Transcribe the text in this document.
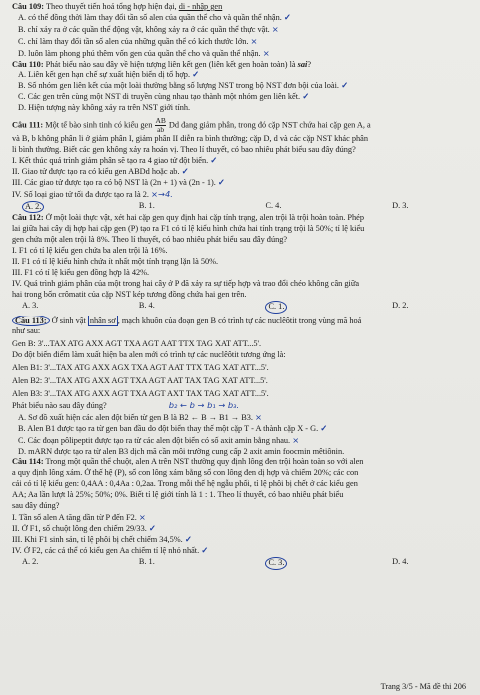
Câu 109: Theo thuyết tiến hoá tổng hợp hiện đại, di - nhập gen
A. có thể đồng thời làm thay đổi tần số alen của quần thể cho và quần thể nhận. ✓
B. chỉ xảy ra ở các quần thể động vật, không xảy ra ở các quần thể thực vật. ×
C. chỉ làm thay đổi tần số alen của những quần thể có kích thước lớn. ×
D. luôn làm phong phú thêm vốn gen của quần thể cho và quần thể nhận. ×
Câu 110: Phát biểu nào sau đây về hiện tượng liên kết gen (liên kết gen hoàn toàn) là sai?
A. Liên kết gen hạn chế sự xuất hiện biến dị tổ hợp. ✓
B. Số nhóm gen liên kết của một loài thường bằng số lượng NST trong bộ NST đơn bội của loài. ✓
C. Các gen trên cùng một NST di truyền cùng nhau tạo thành một nhóm gen liên kết. ✓
D. Hiện tượng này không xảy ra trên NST giới tính.
Câu 111: Một tế bào sinh tinh có kiểu gen $\frac{AB}{ab}$ Dd đang giảm phân, trong đó cặp NST chứa hai cặp gen A, a
và B, b không phân li ở giảm phân I, giảm phân II diễn ra bình thường; cặp D, d và các cặp NST khác phân
li bình thường. Biết các gen không xảy ra hoán vị. Theo lí thuyết, có bao nhiêu phát biểu sau đây đúng?
I. Kết thúc quá trình giảm phân sẽ tạo ra 4 giao tử đột biến. ✓
II. Giao tử được tạo ra có kiểu gen ABDd hoặc ab. ✓
III. Các giao tử được tạo ra có bộ NST là (2n + 1) và (2n - 1). ✓
IV. Số loại giao tử tối đa được tạo ra là 2. ×→4.
A. 2.	B. 1.	C. 4.	D. 3.
Câu 112: Ở một loài thực vật, xét hai cặp gen quy định hai cặp tính trạng, alen trội là trội hoàn toàn. Phép
lai giữa hai cây dị hợp hai cặp gen (P) tạo ra F1 có tỉ lệ kiểu hình chứa hai tính trạng trội là 50%; tỉ lệ kiểu
gen chứa một alen trội là 8%. Theo lí thuyết, có bao nhiêu phát biểu sau đây đúng?
I. F1 có tỉ lệ kiểu gen chứa ba alen trội là 16%.
II. F1 có tỉ lệ kiểu hình chứa ít nhất một tính trạng lặn là 50%.
III. F1 có tỉ lệ kiểu gen đồng hợp là 42%.
IV. Quá trình giảm phân của một trong hai cây ở P đã xảy ra sự tiếp hợp và trao đổi chéo không cân giữa
hai trong bốn crômatit của cặp NST kép tương đồng chứa hai gen trên.
A. 3.	B. 4.	C. 1.	D. 2.
Câu 113: Ở sinh vật nhân sơ , mạch khuôn của đoạn gen B có trình tự các nuclêôtit trong vùng mã hoá
như sau:
Gen B: 3'...TAX ATG AXX AGT TXA AGT AAT TTX TAG XAT ATT...5'.
Do đột biến điểm làm xuất hiện ba alen mới có trình tự các nuclêôtit tương ứng là:
Alen B1: 3'...TAX ATG AXX AGX TXA AGT AAT TTX TAG XAT ATT...5'.
Alen B2: 3'...TAX ATG AXX AGT TXA AGT AAT TAX TAG XAT ATT...5'.
Alen B3: 3'...TAX ATG AXX AGT TXA AGT AXT TAX TAG XAT ATT...5'.
Phát biểu nào sau đây đúng?	b₂ ← b → b₁ → b₃.
A. Sơ đồ xuất hiện các alen đột biến từ gen B là B2 ← B → B1 → B3. ×
B. Alen B1 được tạo ra từ gen ban đầu do đột biến thay thế một cặp T - A thành cặp X - G. ✓
C. Các đoạn pôlipeptit được tạo ra từ các alen đột biến có số axit amin bằng nhau. ×
D. mARN được tạo ra từ alen B3 dịch mã cần môi trường cung cấp 2 axit amin foocmin mêtiônin.
Câu 114: Trong một quần thể chuột, alen A trên NST thường quy định lông đen trội hoàn toàn so với alen
a quy định lông xám. Ở thế hệ (P), số con lông xám bằng số con lông đen dị hợp và chiếm 20%; các con
cái có tỉ lệ kiểu gen: 0,4AA : 0,4Aa : 0,2aa. Trong mỗi thế hệ ngẫu phối, tỉ lệ phôi bị chết ở các kiểu gen
AA; Aa lần lượt là 25%; 50%; 0%. Biết tỉ lệ giới tính là 1 : 1. Theo lí thuyết, có bao nhiêu phát biểu
sau đây đúng?
I. Tần số alen A tăng dần từ P đến F2. ×
II. Ở F1, số chuột lông đen chiếm 29/33. ✓
III. Khi F1 sinh sản, tỉ lệ phôi bị chết chiếm 34,5%. ✓
IV. Ở F2, các cá thể có kiểu gen Aa chiếm tỉ lệ nhỏ nhất. ✓
A. 2.	B. 1.	C. 3.	D. 4.
Trang 3/5 - Mã đề thi 206
